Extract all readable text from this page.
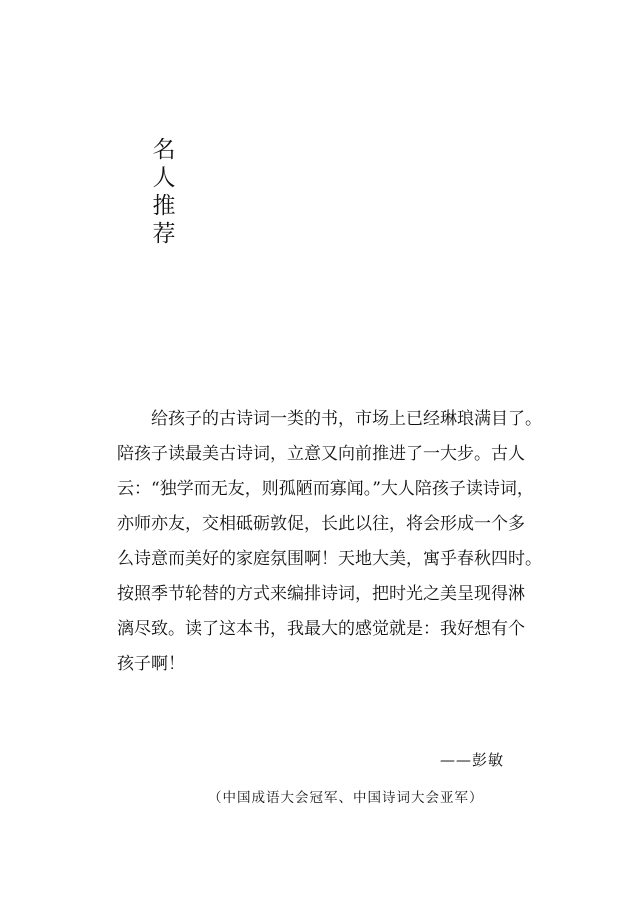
名
人
推
荐
　　给孩子的古诗词一类的书，市场上已经琳琅满目了。
陪孩子读最美古诗词，立意又向前推进了一大步。古人
云：“独学而无友，则孤陋而寡闻。”大人陪孩子读诗词，
亦师亦友，交相砥砺敦促，长此以往，将会形成一个多
么诗意而美好的家庭氛围啊！天地大美，寓乎春秋四时。
按照季节轮替的方式来编排诗词，把时光之美呈现得淋
漓尽致。读了这本书，我最大的感觉就是：我好想有个
孩子啊！
——彭敏
（中国成语大会冠军、中国诗词大会亚军）
